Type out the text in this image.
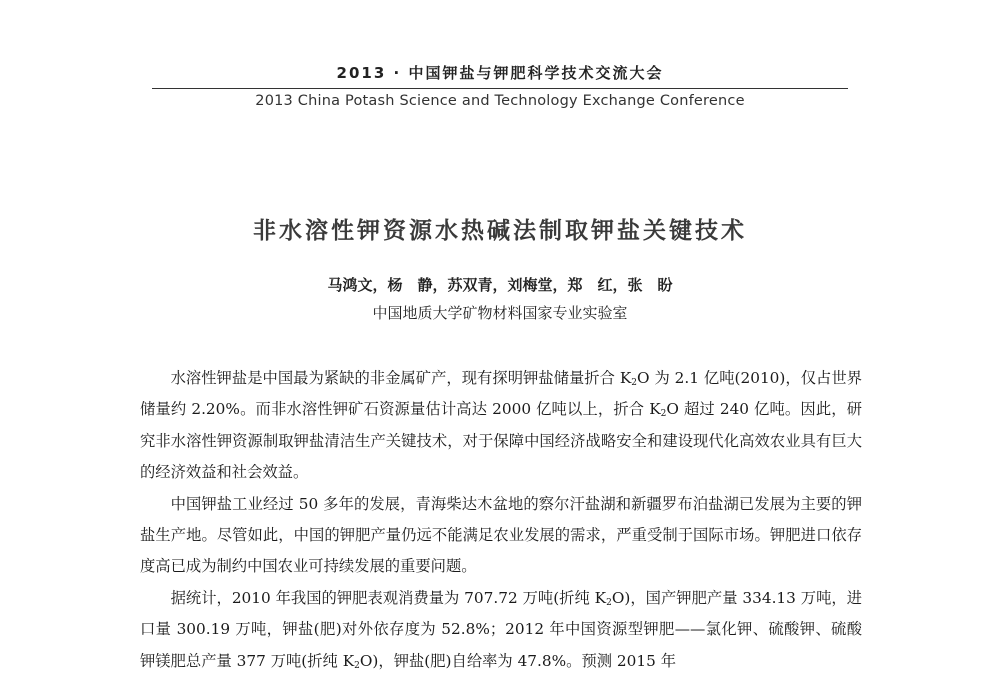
2013 · 中国钾盐与钾肥科学技术交流大会
2013 China Potash Science and Technology Exchange Conference
非水溶性钾资源水热碱法制取钾盐关键技术
马鸿文，杨　静，苏双青，刘梅堂，郑　红，张　盼
中国地质大学矿物材料国家专业实验室

水溶性钾盐是中国最为紧缺的非金属矿产，现有探明钾盐储量折合 $K_2O$ 为 2.1 亿吨(2010)，仅占世界储量约 2.20%。而非水溶性钾矿石资源量估计高达 2000 亿吨以上，折合 $K_2O$ 超过 240 亿吨。因此，研究非水溶性钾资源制取钾盐清洁生产关键技术，对于保障中国经济战略安全和建设现代化高效农业具有巨大的经济效益和社会效益。

中国钾盐工业经过 50 多年的发展，青海柴达木盆地的察尔汗盐湖和新疆罗布泊盐湖已发展为主要的钾盐生产地。尽管如此，中国的钾肥产量仍远不能满足农业发展的需求，严重受制于国际市场。钾肥进口依存度高已成为制约中国农业可持续发展的重要问题。

据统计，2010 年我国的钾肥表观消费量为 707.72 万吨(折纯 $K_2O$)，国产钾肥产量 334.13 万吨，进口量 300.19 万吨，钾盐(肥)对外依存度为 52.8%；2012 年中国资源型钾肥——氯化钾、硫酸钾、硫酸钾镁肥总产量 377 万吨(折纯 $K_2O$)，钾盐(肥)自给率为 47.8%。预测 2015 年
